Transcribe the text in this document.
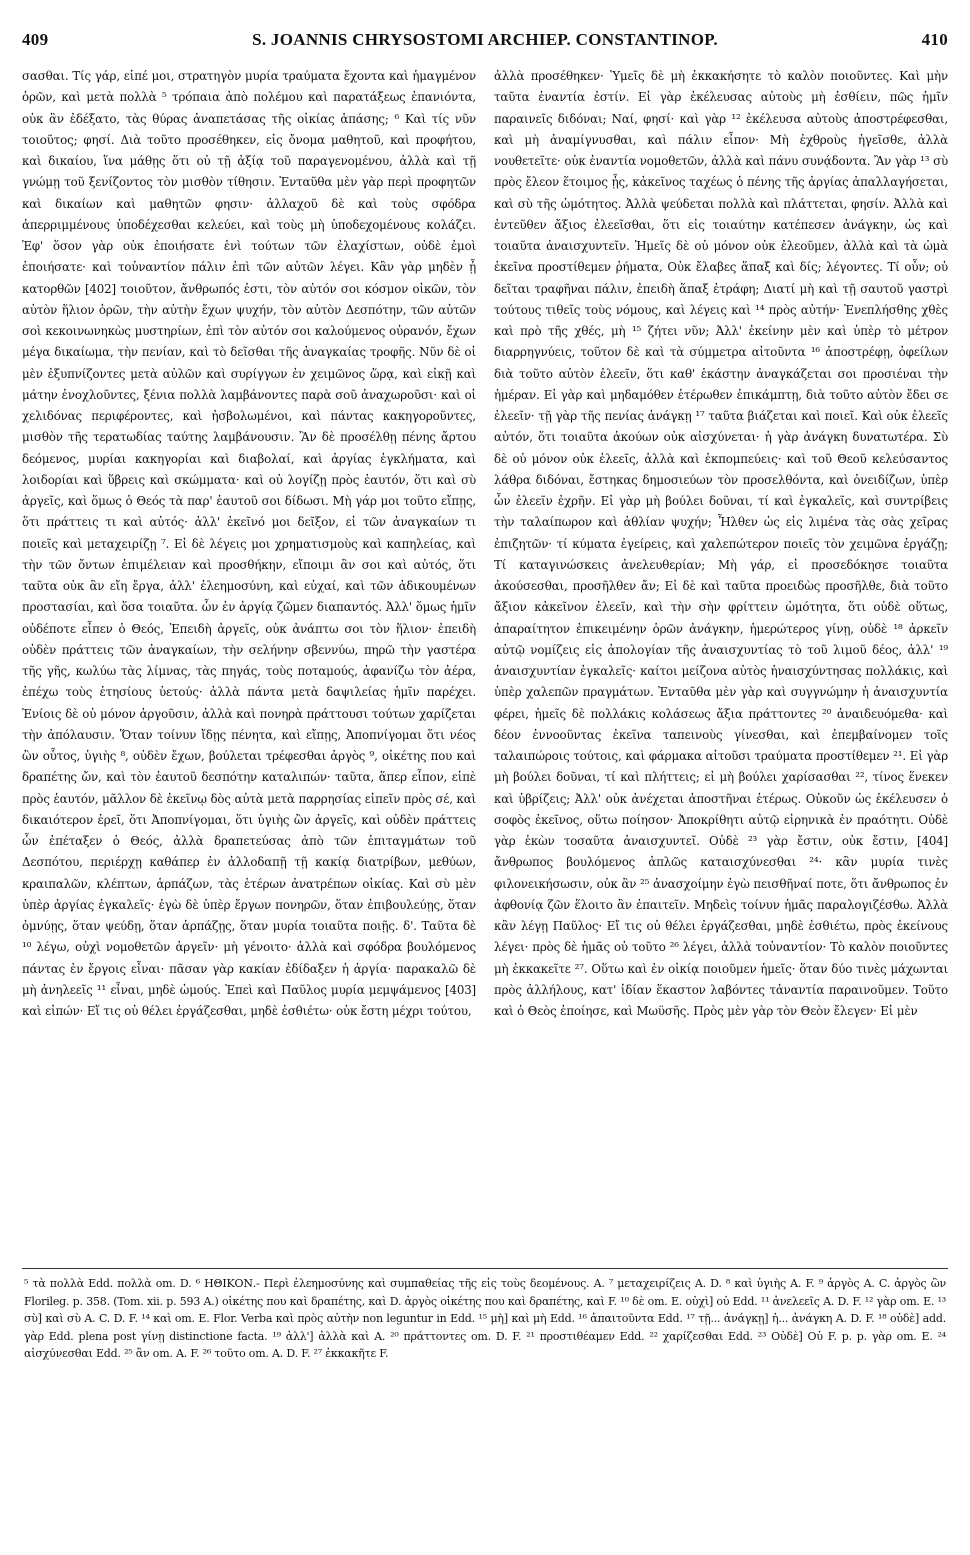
409	S. JOANNIS CHRYSOSTOMI ARCHIEP. CONSTANTINOP.	410

σασθαι. Τίς γάρ, εἰπέ μοι, στρατηγὸν μυρία τραύματα ἔχοντα καὶ ἡμαγμένον ὁρῶν, καὶ μετὰ πολλὰ ⁵ τρόπαια ἀπὸ πολέμου καὶ παρατάξεως ἐπανιόντα, οὐκ ἂν ἐδέξατο, τὰς θύρας ἀναπετάσας τῆς οἰκίας ἁπάσης; ⁶ Καὶ τίς νῦν τοιοῦτος; φησί. Διὰ τοῦτο προσέθηκεν, εἰς ὄνομα μαθητοῦ, καὶ προφήτου, καὶ δικαίου, ἵνα μάθῃς ὅτι οὐ τῇ ἀξίᾳ τοῦ παραγενομένου, ἀλλὰ καὶ τῇ γνώμῃ τοῦ ξενίζοντος τὸν μισθὸν τίθησιν. Ἐνταῦθα μὲν γὰρ περὶ προφητῶν καὶ δικαίων καὶ μαθητῶν φησιν· ἀλλαχοῦ δὲ καὶ τοὺς σφόδρα ἀπερριμμένους ὑποδέχεσθαι κελεύει, καὶ τοὺς μὴ ὑποδεχομένους κολάζει. Ἐφ' ὅσον γὰρ οὐκ ἐποιήσατε ἑνὶ τούτων τῶν ἐλαχίστων, οὐδὲ ἐμοὶ ἐποιήσατε· καὶ τοὐναντίον πάλιν ἐπὶ τῶν αὐτῶν λέγει. Κἂν γὰρ μηδὲν ᾖ κατορθῶν [402] τοιοῦτον, ἄνθρωπός ἐστι, τὸν αὐτόν σοι κόσμον οἰκῶν, τὸν αὐτὸν ἥλιον ὁρῶν, τὴν αὐτὴν ἔχων ψυχήν, τὸν αὐτὸν Δεσπότην, τῶν αὐτῶν σοὶ κεκοινωνηκὼς μυστηρίων, ἐπὶ τὸν αὐτόν σοι καλούμενος οὐρανόν, ἔχων μέγα δικαίωμα, τὴν πενίαν, καὶ τὸ δεῖσθαι τῆς ἀναγκαίας τροφῆς. Νῦν δὲ οἱ μὲν ἐξυπνίζοντες μετὰ αὐλῶν καὶ συρίγγων ἐν χειμῶνος ὥρᾳ, καὶ εἰκῇ καὶ μάτην ἐνοχλοῦντες, ξένια πολλὰ λαμβάνοντες παρὰ σοῦ ἀναχωροῦσι· καὶ οἱ χελιδόνας περιφέροντες, καὶ ἠσβολωμένοι, καὶ πάντας κακηγοροῦντες, μισθὸν τῆς τερατωδίας ταύτης λαμβάνουσιν. Ἂν δὲ προσέλθῃ πένης ἄρτου δεόμενος, μυρίαι κακηγορίαι καὶ διαβολαί, καὶ ἀργίας ἐγκλήματα, καὶ λοιδορίαι καὶ ὕβρεις καὶ σκώμματα· καὶ οὐ λογίζῃ πρὸς ἑαυτόν, ὅτι καὶ σὺ ἀργεῖς, καὶ ὅμως ὁ Θεός τὰ παρ' ἑαυτοῦ σοι δίδωσι. Μὴ γάρ μοι τοῦτο εἴπῃς, ὅτι πράττεις τι καὶ αὐτός· ἀλλ' ἐκεῖνό μοι δεῖξον, εἰ τῶν ἀναγκαίων τι ποιεῖς καὶ μεταχειρίζῃ ⁷. Εἰ δὲ λέγεις μοι χρηματισμοὺς καὶ καπηλείας, καὶ τὴν τῶν ὄντων ἐπιμέλειαν καὶ προσθήκην, εἴποιμι ἂν σοι καὶ αὐτός, ὅτι ταῦτα οὐκ ἂν εἴη ἔργα, ἀλλ' ἐλεημοσύνη, καὶ εὐχαί, καὶ τῶν ἀδικουμένων προστασίαι, καὶ ὅσα τοιαῦτα. ὧν ἐν ἀργίᾳ ζῶμεν διαπαντός. Ἀλλ' ὅμως ἡμῖν οὐδέποτε εἶπεν ὁ Θεός, Ἐπειδὴ ἀργεῖς, οὐκ ἀνάπτω σοι τὸν ἥλιον· ἐπειδὴ οὐδὲν πράττεις τῶν ἀναγκαίων, τὴν σελήνην σβεννύω, πηρῶ τὴν γαστέρα τῆς γῆς, κωλύω τὰς λίμνας, τὰς πηγάς, τοὺς ποταμούς, ἀφανίζω τὸν ἀέρα, ἐπέχω τοὺς ἐτησίους ὑετούς· ἀλλὰ πάντα μετὰ δαψιλείας ἡμῖν παρέχει. Ἐνίοις δὲ οὐ μόνον ἀργοῦσιν, ἀλλὰ καὶ πονηρὰ πράττουσι τούτων χαρίζεται τὴν ἀπόλαυσιν. Ὅταν τοίνυν ἴδῃς πένητα, καὶ εἴπῃς, Ἀποπνίγομαι ὅτι νέος ὢν οὗτος, ὑγιὴς ⁸, οὐδὲν ἔχων, βούλεται τρέφεσθαι ἀργὸς ⁹, οἰκέτης που καὶ δραπέτης ὤν, καὶ τὸν ἑαυτοῦ δεσπότην καταλιπών· ταῦτα, ἅπερ εἶπον, εἰπὲ πρὸς ἑαυτόν, μᾶλλον δὲ ἐκεῖνῳ δὸς αὐτὰ μετὰ παρρησίας εἰπεῖν πρὸς σέ, καὶ δικαιότερον ἐρεῖ, ὅτι Ἀποπνίγομαι, ὅτι ὑγιὴς ὢν ἀργεῖς, καὶ οὐδὲν πράττεις ὧν ἐπέταξεν ὁ Θεός, ἀλλὰ δραπετεύσας ἀπὸ τῶν ἐπιταγμάτων τοῦ Δεσπότου, περιέρχῃ καθάπερ ἐν ἀλλοδαπῇ τῇ κακίᾳ διατρίβων, μεθύων, κραιπαλῶν, κλέπτων, ἁρπάζων, τὰς ἑτέρων ἀνατρέπων οἰκίας. Καὶ σὺ μὲν ὑπὲρ ἀργίας ἐγκαλεῖς· ἐγὼ δὲ ὑπὲρ ἔργων πονηρῶν, ὅταν ἐπιβουλεύῃς, ὅταν ὀμνύῃς, ὅταν ψεύδῃ, ὅταν ἁρπάζῃς, ὅταν μυρία τοιαῦτα ποιῇς. δ'. Ταῦτα δὲ ¹⁰ λέγω, οὐχὶ νομοθετῶν ἀργεῖν· μὴ γένοιτο· ἀλλὰ καὶ σφόδρα βουλόμενος πάντας ἐν ἔργοις εἶναι· πᾶσαν γὰρ κακίαν ἐδίδαξεν ἡ ἀργία· παρακαλῶ δὲ μὴ ἀνηλεεῖς ¹¹ εἶναι, μηδὲ ὠμούς. Ἐπεὶ καὶ Παῦλος μυρία μεμψάμενος [403] καὶ εἰπών· Εἴ τις οὐ θέλει ἐργάζεσθαι, μηδὲ ἐσθιέτω· οὐκ ἔστη μέχρι τούτου,

ἀλλὰ προσέθηκεν· Ὑμεῖς δὲ μὴ ἐκκακήσητε τὸ καλὸν ποιοῦντες. Καὶ μὴν ταῦτα ἐναντία ἐστίν. Εἰ γὰρ ἐκέλευσας αὐτοὺς μὴ ἐσθίειν, πῶς ἡμῖν παραινεῖς διδόναι; Ναί, φησί· καὶ γὰρ ¹² ἐκέλευσα αὐτοὺς ἀποστρέφεσθαι, καὶ μὴ ἀναμίγνυσθαι, καὶ πάλιν εἶπον· Μὴ ἐχθροὺς ἡγεῖσθε, ἀλλὰ νουθετεῖτε· οὐκ ἐναντία νομοθετῶν, ἀλλὰ καὶ πάνυ συνᾴδοντα. Ἂν γὰρ ¹³ σὺ πρὸς ἔλεον ἕτοιμος ᾖς, κἀκεῖνος ταχέως ὁ πένης τῆς ἀργίας ἀπαλλαγήσεται, καὶ σὺ τῆς ὠμότητος. Ἀλλὰ ψεύδεται πολλὰ καὶ πλάττεται, φησίν. Ἀλλὰ καὶ ἐντεῦθεν ἄξιος ἐλεεῖσθαι, ὅτι εἰς τοιαύτην κατέπεσεν ἀνάγκην, ὡς καὶ τοιαῦτα ἀναισχυντεῖν. Ἡμεῖς δὲ οὐ μόνον οὐκ ἐλεοῦμεν, ἀλλὰ καὶ τὰ ὠμὰ ἐκεῖνα προστίθεμεν ῥήματα, Οὐκ ἔλαβες ἅπαξ καὶ δίς; λέγοντες. Τί οὖν; οὐ δεῖται τραφῆναι πάλιν, ἐπειδὴ ἅπαξ ἐτράφη; Διατί μὴ καὶ τῇ σαυτοῦ γαστρὶ τούτους τιθεῖς τοὺς νόμους, καὶ λέγεις καὶ ¹⁴ πρὸς αὐτήν· Ἐνεπλήσθης χθὲς καὶ πρὸ τῆς χθές, μὴ ¹⁵ ζήτει νῦν; Ἀλλ' ἐκείνην μὲν καὶ ὑπὲρ τὸ μέτρον διαρρηγνύεις, τοῦτον δὲ καὶ τὰ σύμμετρα αἰτοῦντα ¹⁶ ἀποστρέφῃ, ὀφείλων διὰ τοῦτο αὐτὸν ἐλεεῖν, ὅτι καθ' ἑκάστην ἀναγκάζεται σοι προσιέναι τὴν ἡμέραν. Εἰ γὰρ καὶ μηδαμόθεν ἑτέρωθεν ἐπικάμπτῃ, διὰ τοῦτο αὐτὸν ἔδει σε ἐλεεῖν· τῇ γὰρ τῆς πενίας ἀνάγκῃ ¹⁷ ταῦτα βιάζεται καὶ ποιεῖ. Καὶ οὐκ ἐλεεῖς αὐτόν, ὅτι τοιαῦτα ἀκούων οὐκ αἰσχύνεται· ἡ γὰρ ἀνάγκη δυνατωτέρα. Σὺ δὲ οὐ μόνον οὐκ ἐλεεῖς, ἀλλὰ καὶ ἐκπομπεύεις· καὶ τοῦ Θεοῦ κελεύσαντος λάθρα διδόναι, ἔστηκας δημοσιεύων τὸν προσελθόντα, καὶ ὀνειδίζων, ὑπὲρ ὧν ἐλεεῖν ἐχρῆν. Εἰ γὰρ μὴ βούλει δοῦναι, τί καὶ ἐγκαλεῖς, καὶ συντρίβεις τὴν ταλαίπωρον καὶ ἀθλίαν ψυχήν; Ἦλθεν ὡς εἰς λιμένα τὰς σὰς χεῖρας ἐπιζητῶν· τί κύματα ἐγείρεις, καὶ χαλεπώτερον ποιεῖς τὸν χειμῶνα ἐργάζῃ; Τί καταγινώσκεις ἀνελευθερίαν; Μὴ γάρ, εἰ προσεδόκησε τοιαῦτα ἀκούσεσθαι, προσῆλθεν ἄν; Εἰ δὲ καὶ ταῦτα προειδὼς προσῆλθε, διὰ τοῦτο ἄξιον κἀκεῖνον ἐλεεῖν, καὶ τὴν σὴν φρίττειν ὠμότητα, ὅτι οὐδὲ οὕτως, ἀπαραίτητον ἐπικειμένην ὁρῶν ἀνάγκην, ἡμερώτερος γίνῃ, οὐδὲ ¹⁸ ἀρκεῖν αὐτῷ νομίζεις εἰς ἀπολογίαν τῆς ἀναισχυντίας τὸ τοῦ λιμοῦ δέος, ἀλλ' ¹⁹ ἀναισχυντίαν ἐγκαλεῖς· καίτοι μείζονα αὐτὸς ἠναισχύντησας πολλάκις, καὶ ὑπὲρ χαλεπῶν πραγμάτων. Ἐνταῦθα μὲν γὰρ καὶ συγγνώμην ἡ ἀναισχυντία φέρει, ἡμεῖς δὲ πολλάκις κολάσεως ἄξια πράττοντες ²⁰ ἀναιδευόμεθα· καὶ δέον ἐννοοῦντας ἐκεῖνα ταπεινοὺς γίνεσθαι, καὶ ἐπεμβαίνομεν τοῖς ταλαιπώροις τούτοις, καὶ φάρμακα αἰτοῦσι τραύματα προστίθεμεν ²¹. Εἰ γὰρ μὴ βούλει δοῦναι, τί καὶ πλήττεις; εἰ μὴ βούλει χαρίσασθαι ²², τίνος ἕνεκεν καὶ ὑβρίζεις; Ἀλλ' οὐκ ἀνέχεται ἀποστῆναι ἑτέρως. Οὐκοῦν ὡς ἐκέλευσεν ὁ σοφὸς ἐκεῖνος, οὕτω ποίησον· Ἀποκρίθητι αὐτῷ εἰρηνικὰ ἐν πραότητι. Οὐδὲ γὰρ ἑκὼν τοσαῦτα ἀναισχυντεῖ. Οὐδὲ ²³ γὰρ ἔστιν, οὐκ ἔστιν, [404] ἄνθρωπος βουλόμενος ἁπλῶς καταισχύνεσθαι ²⁴· κἂν μυρία τινὲς φιλονεικήσωσιν, οὐκ ἂν ²⁵ ἀνασχοίμην ἐγὼ πεισθῆναί ποτε, ὅτι ἄνθρωπος ἐν ἀφθονίᾳ ζῶν ἕλοιτο ἂν ἐπαιτεῖν. Μηδεὶς τοίνυν ἡμᾶς παραλογιζέσθω. Ἀλλὰ κἂν λέγῃ Παῦλος· Εἴ τις οὐ θέλει ἐργάζεσθαι, μηδὲ ἐσθιέτω, πρὸς ἐκείνους λέγει· πρὸς δὲ ἡμᾶς οὐ τοῦτο ²⁶ λέγει, ἀλλὰ τοὐναντίον· Τὸ καλὸν ποιοῦντες μὴ ἐκκακεῖτε ²⁷. Οὕτω καὶ ἐν οἰκίᾳ ποιοῦμεν ἡμεῖς· ὅταν δύο τινὲς μάχωνται πρὸς ἀλλήλους, κατ' ἰδίαν ἕκαστον λαβόντες τἀναντία παραινοῦμεν. Τοῦτο καὶ ὁ Θεὸς ἐποίησε, καὶ Μωϋσῆς. Πρὸς μὲν γὰρ τὸν Θεὸν ἔλεγεν· Εἰ μὲν

⁵ τὰ πολλὰ Edd. πολλὰ om. D. ⁶ ΗΘΙΚΟΝ.- Περὶ ἐλεημοσύνης καὶ συμπαθείας τῆς εἰς τοὺς δεομένους. A. ⁷ μεταχειρίζεις A. D. ⁸ καὶ ὑγιὴς A. F. ⁹ ἀργὸς A. C. ἀργὸς ὢν Florileg. p. 358. (Tom. xii. p. 593 A.) οἰκέτης που καὶ δραπέτης, καὶ D. ἀργὸς οἰκέτης που καὶ δραπέτης, καὶ F. ¹⁰ δὲ om. E. οὐχὶ] οὐ Edd. ¹¹ ἀνελεεῖς A. D. F. ¹² γὰρ om. E. ¹³ σὺ] καὶ σὺ A. C. D. F. ¹⁴ καὶ om. E. Flor. Verba καὶ πρὸς αὐτὴν non leguntur in Edd. ¹⁵ μὴ] καὶ μὴ Edd. ¹⁶ ἀπαιτοῦντα Edd. ¹⁷ τῇ... ἀνάγκῃ] ἡ... ἀνάγκη A. D. F. ¹⁸ οὐδὲ] add. γὰρ Edd. plena post γίνῃ distinctione facta. ¹⁹ ἀλλ'] ἀλλὰ καὶ A. ²⁰ πράττοντες om. D. F. ²¹ προστιθέαμεν Edd. ²² χαρίζεσθαι Edd. ²³ Οὐδὲ] Οὐ F. p. p. γὰρ om. E. ²⁴ αἰσχύνεσθαι Edd. ²⁵ ἂν om. A. F. ²⁶ τοῦτο om. A. D. F. ²⁷ ἐκκακῆτε F.
